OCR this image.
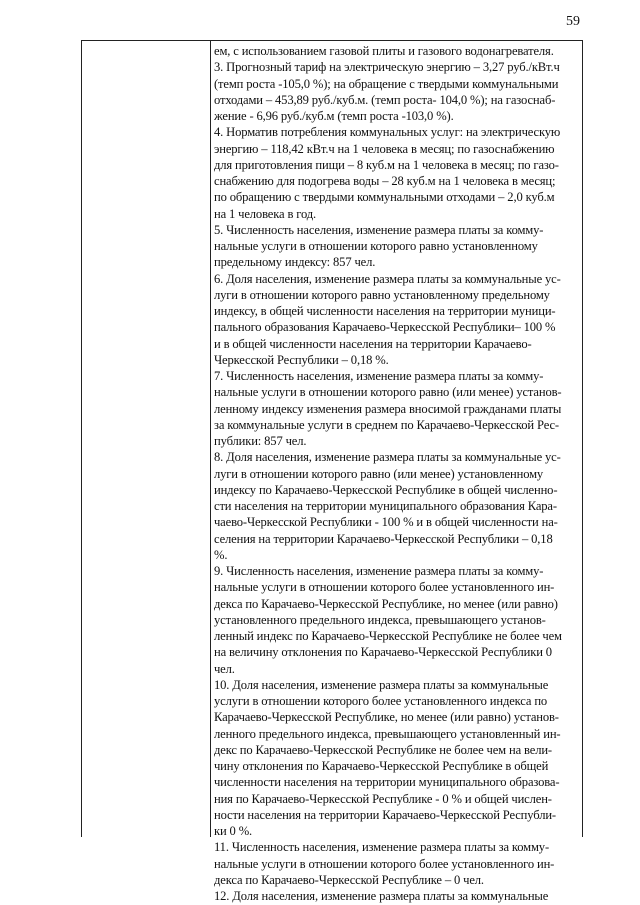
59
ем, с использованием газовой плиты и газового водонагревателя.
3. Прогнозный тариф на электрическую энергию – 3,27 руб./кВт.ч
(темп роста -105,0 %); на обращение с твердыми коммунальными
отходами – 453,89 руб./куб.м. (темп роста- 104,0 %); на газоснаб-
жение - 6,96 руб./куб.м (темп роста -103,0 %).
4. Норматив потребления коммунальных услуг: на электрическую
энергию – 118,42 кВт.ч на 1 человека в месяц; по газоснабжению
для приготовления пищи – 8 куб.м на 1 человека в месяц; по газо-
снабжению для подогрева воды – 28 куб.м на 1 человека в месяц;
по обращению с твердыми коммунальными отходами – 2,0 куб.м
на 1 человека в год.
5. Численность населения, изменение размера платы за комму-
нальные услуги в отношении которого равно установленному
предельному индексу: 857 чел.
6. Доля населения, изменение размера платы за коммунальные ус-
луги в отношении которого равно установленному предельному
индексу, в общей численности населения на территории муници-
пального образования Карачаево-Черкесской Республики– 100 %
и в общей численности населения на территории Карачаево-
Черкесской Республики – 0,18 %.
7. Численность населения, изменение размера платы за комму-
нальные услуги в отношении которого равно (или менее) установ-
ленному индексу изменения размера вносимой гражданами платы
за коммунальные услуги в среднем по Карачаево-Черкесской Рес-
публики: 857 чел.
8. Доля населения, изменение размера платы за коммунальные ус-
луги в отношении которого равно (или менее) установленному
индексу по Карачаево-Черкесской Республике в общей численно-
сти населения на территории муниципального образования Кара-
чаево-Черкесской Республики - 100 % и в общей численности на-
селения на территории Карачаево-Черкесской Республики – 0,18
%.
9. Численность населения, изменение размера платы за комму-
нальные услуги в отношении которого более установленного ин-
декса по Карачаево-Черкесской Республике, но менее (или равно)
установленного предельного индекса, превышающего установ-
ленный индекс по Карачаево-Черкесской Республике не более чем
на величину отклонения по Карачаево-Черкесской Республики 0
чел.
10. Доля населения, изменение размера платы за коммунальные
услуги в отношении которого более установленного индекса по
Карачаево-Черкесской Республике, но менее (или равно) установ-
ленного предельного индекса, превышающего установленный ин-
декс по Карачаево-Черкесской Республике не более чем на вели-
чину отклонения по Карачаево-Черкесской Республике в общей
численности населения на территории муниципального образова-
ния по Карачаево-Черкесской Республике - 0 % и общей числен-
ности населения на территории Карачаево-Черкесской Республи-
ки 0 %.
11. Численность населения, изменение размера платы за комму-
нальные услуги в отношении которого более установленного ин-
декса по Карачаево-Черкесской Республике – 0 чел.
12. Доля населения, изменение размера платы за коммунальные
